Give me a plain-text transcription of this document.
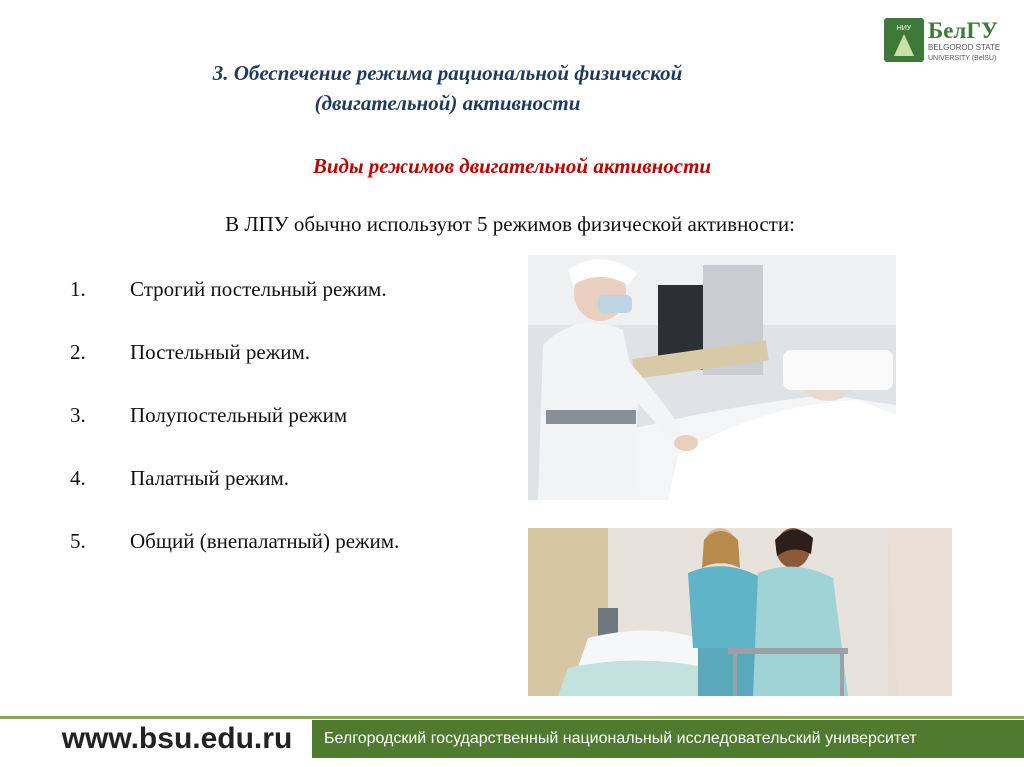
НИУ БелГУ
BELGOROD STATE
UNIVERSITY (BelSU)
3. Обеспечение режима рациональной физической
(двигательной) активности
Виды режимов двигательной активности
В ЛПУ обычно используют 5 режимов физической активности:
1.	Строгий постельный режим.
2.	Постельный режим.
3.	Полупостельный режим
4.	Палатный режим.
5.	Общий (внепалатный) режим.
www.bsu.edu.ru	Белгородский государственный национальный исследовательский университет
